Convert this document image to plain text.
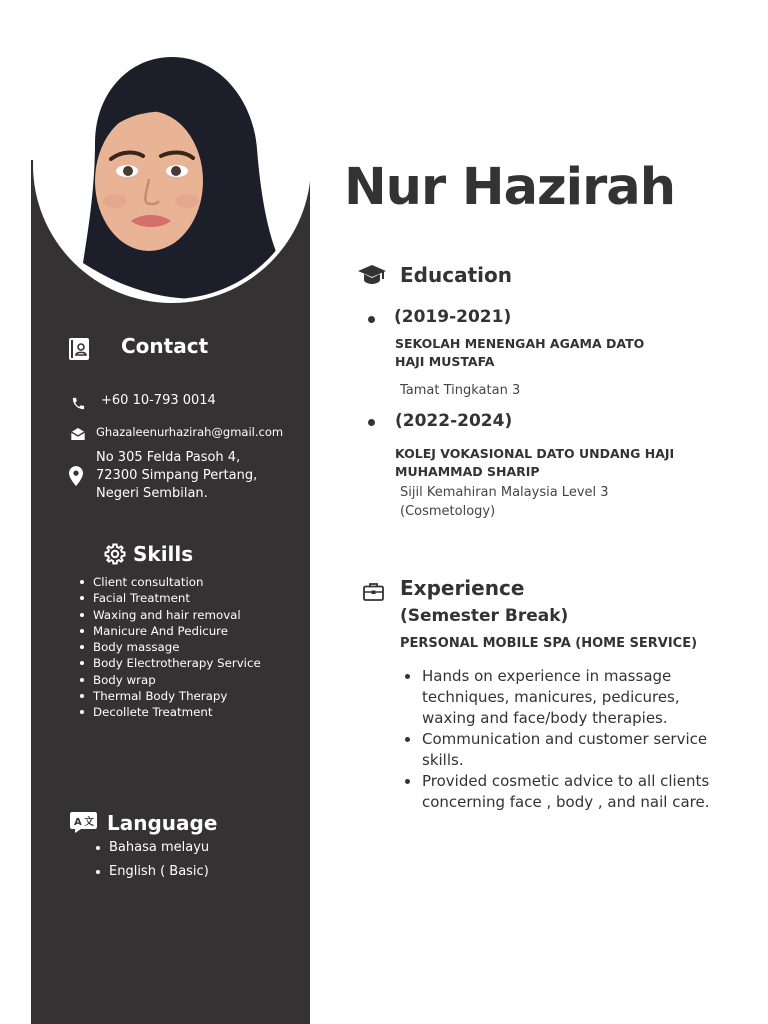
Nur Hazirah
Contact
+60 10-793 0014
Ghazaleenurhazirah@gmail.com
No 305 Felda Pasoh 4,
72300 Simpang Pertang,
Negeri Sembilan.
Skills
Client consultation
Facial Treatment
Waxing and hair removal
Manicure And Pedicure
Body massage
Body Electrotherapy Service
Body wrap
Thermal Body Therapy
Decollete Treatment
A 文 Language
Bahasa melayu
English ( Basic)
Education
(2019-2021)
SEKOLAH MENENGAH AGAMA DATO
HAJI MUSTAFA
Tamat Tingkatan 3
(2022-2024)
KOLEJ VOKASIONAL DATO UNDANG HAJI
MUHAMMAD SHARIP
Sijil Kemahiran Malaysia Level 3
(Cosmetology)
Experience
(Semester Break)
PERSONAL MOBILE SPA (HOME SERVICE)
Hands on experience in massage techniques, manicures, pedicures, waxing and face/body therapies.
Communication and customer service skills.
Provided cosmetic advice to all clients concerning face , body , and nail care.
